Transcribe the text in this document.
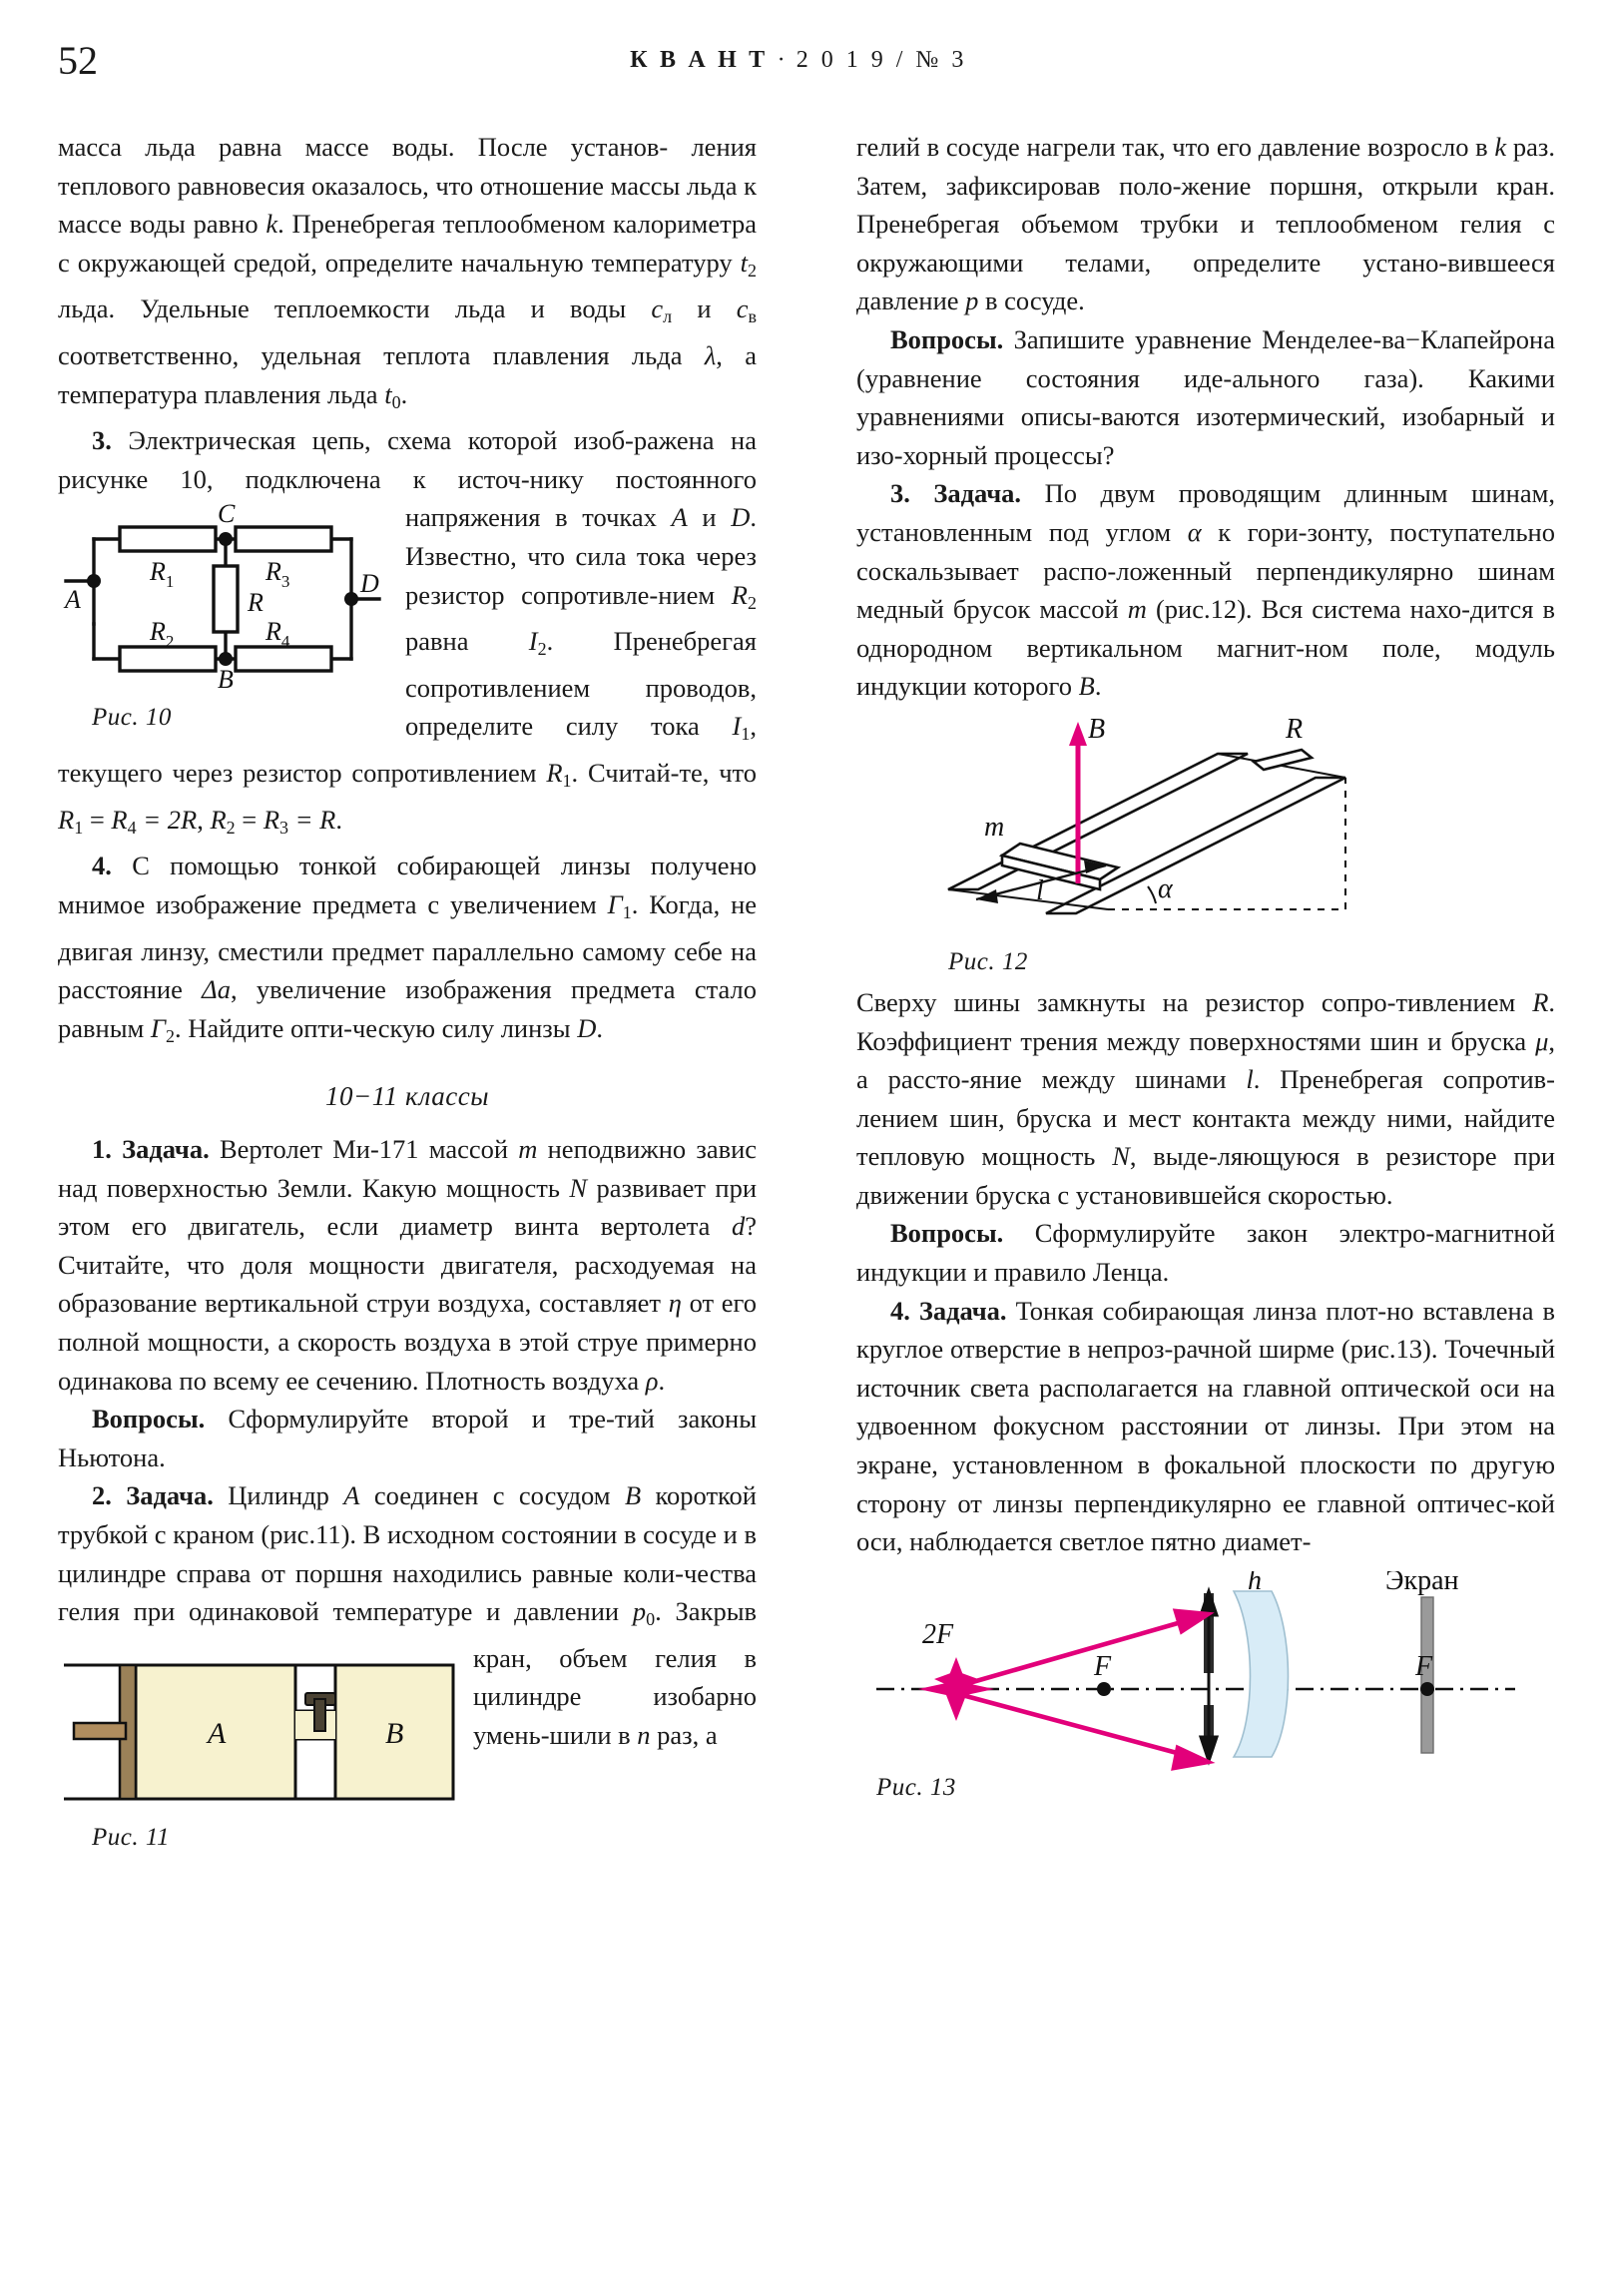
52	К В А Н Т · 2 0 1 9 / № 3

масса льда равна массе воды. После установ- ления теплового равновесия оказалось, что отношение массы льда к массе воды равно k. Пренебрегая теплообменом калориметра с окружающей средой, определите начальную температуру $t_2$ льда. Удельные теплоемкости льда и воды $c_л$ и $c_в$ соответственно, удельная теплота плавления льда λ, а температура плавления льда $t_0$.

3. Электрическая цепь, схема которой изоб-ражена на рисунке 10, подключена к источ-нику постоянного напряжения в точках A и
A
C
B
D
R
$R_1$	$R_3$
$R_2$	$R_4$
Рис. 10
D. Известно, что сила тока через резистор сопротивле-нием $R_2$ равна $I_2$. Пренебрегая сопротивлением проводов, определите силу тока $I_1$, текущего через резистор сопротивлением $R_1$. Считай-те, что $R_1 = R_4 = 2R$, $R_2 = R_3 = R$.

4. С помощью тонкой собирающей линзы получено мнимое изображение предмета с увеличением $\Gamma_1$. Когда, не двигая линзу, сместили предмет параллельно самому себе на расстояние Δa, увеличение изображения предмета стало равным $\Gamma_2$. Найдите опти-ческую силу линзы D.

10−11 классы

1. Задача. Вертолет Ми-171 массой m неподвижно завис над поверхностью Земли. Какую мощность N развивает при этом его двигатель, если диаметр винта вертолета d? Считайте, что доля мощности двигателя, расходуемая на образование вертикальной струи воздуха, составляет η от его полной мощности, а скорость воздуха в этой струе примерно одинакова по всему ее сечению. Плотность воздуха ρ.

Вопросы. Сформулируйте второй и тре-тий законы Ньютона.

2. Задача. Цилиндр A соединен с сосудом B короткой трубкой с краном (рис.11). В исходном состоянии в сосуде и в цилиндре справа от поршня находились равные коли-чества гелия при одинаковой температуре и давлении
A	B
Рис. 11
$p_0$. Закрыв кран, объем гелия в цилиндре изобарно умень-шили в n раз, а

гелий в сосуде нагрели так, что его давление возросло в k раз. Затем, зафиксировав поло-жение поршня, открыли кран. Пренебрегая объемом трубки и теплообменом гелия с окружающими телами, определите устано-вившееся давление p в сосуде.

Вопросы. Запишите уравнение Менделее-ва−Клапейрона (уравнение состояния иде-ального газа). Какими уравнениями описы-ваются изотермический, изобарный и изо-хорный процессы?

3. Задача. По двум проводящим длинным шинам, установленным под углом α к гори-зонту, поступательно соскальзывает распо-ложенный перпендикулярно шинам медный брусок массой m (рис.12). Вся система нахо-дится в однородном вертикальном магнит-ном поле, модуль индукции которого B.

B	R
m
l	α
Рис. 12

Сверху шины замкнуты на резистор сопро-тивлением R. Коэффициент трения между поверхностями шин и бруска μ, а рассто-яние между шинами l. Пренебрегая сопротив-лением шин, бруска и мест контакта между ними, найдите тепловую мощность N, выде-ляющуюся в резисторе при движении бруска с установившейся скоростью.

Вопросы. Сформулируйте закон электро-магнитной индукции и правило Ленца.

4. Задача. Тонкая собирающая линза плот-но вставлена в круглое отверстие в непроз-рачной ширме (рис.13). Точечный источник света располагается на главной оптической оси на удвоенном фокусном расстоянии от линзы. При этом на экране, установленном в фокальной плоскости по другую сторону от линзы перпендикулярно ее главной оптичес-кой оси, наблюдается светлое пятно диамет-

2F
F	F
h	Экран
Рис. 13
